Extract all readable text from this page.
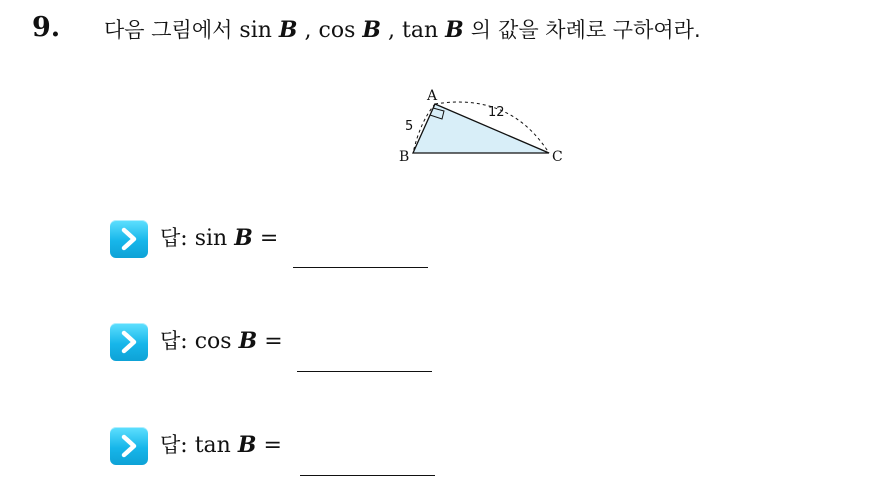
9. 다음 그림에서 sin B , cos B , tan B 의 값을 차례로 구하여라.
A
B	C
5
12
답: sin B =
답: cos B =
답: tan B =
